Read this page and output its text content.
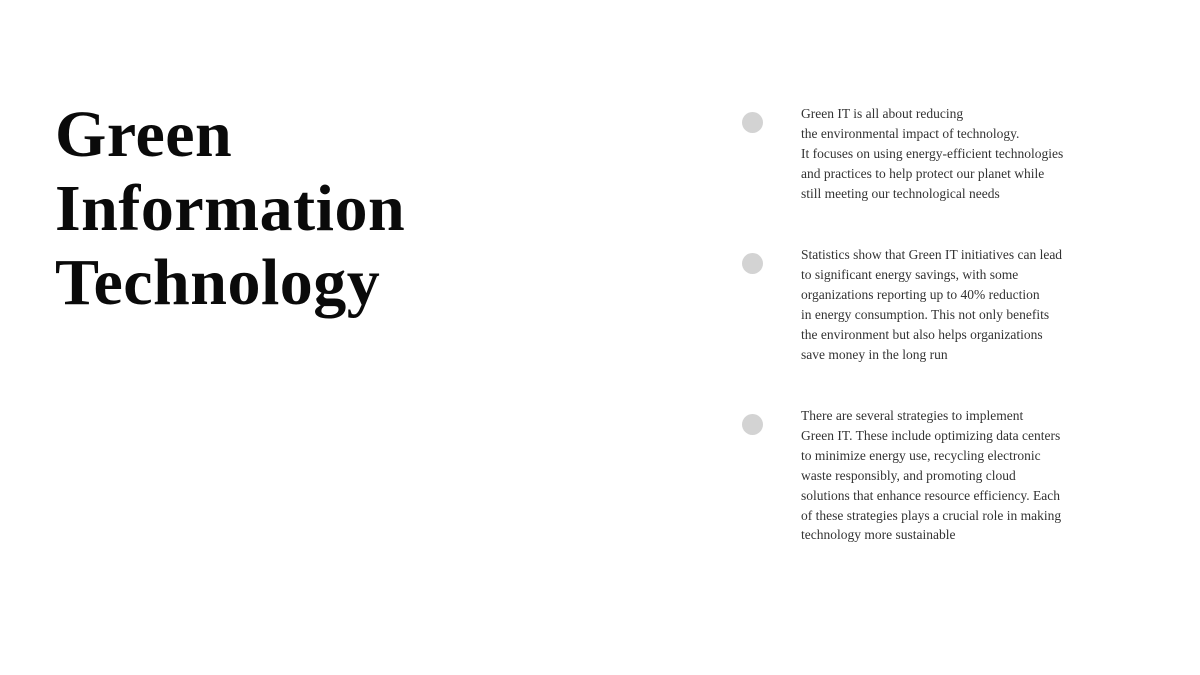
Green
Information
Technology

Green IT is all about reducing
the environmental impact of technology.
It focuses on using energy-efficient technologies
and practices to help protect our planet while
still meeting our technological needs

Statistics show that Green IT initiatives can lead
to significant energy savings, with some
organizations reporting up to 40% reduction
in energy consumption. This not only benefits
the environment but also helps organizations
save money in the long run

There are several strategies to implement
Green IT. These include optimizing data centers
to minimize energy use, recycling electronic
waste responsibly, and promoting cloud
solutions that enhance resource efficiency. Each
of these strategies plays a crucial role in making
technology more sustainable
